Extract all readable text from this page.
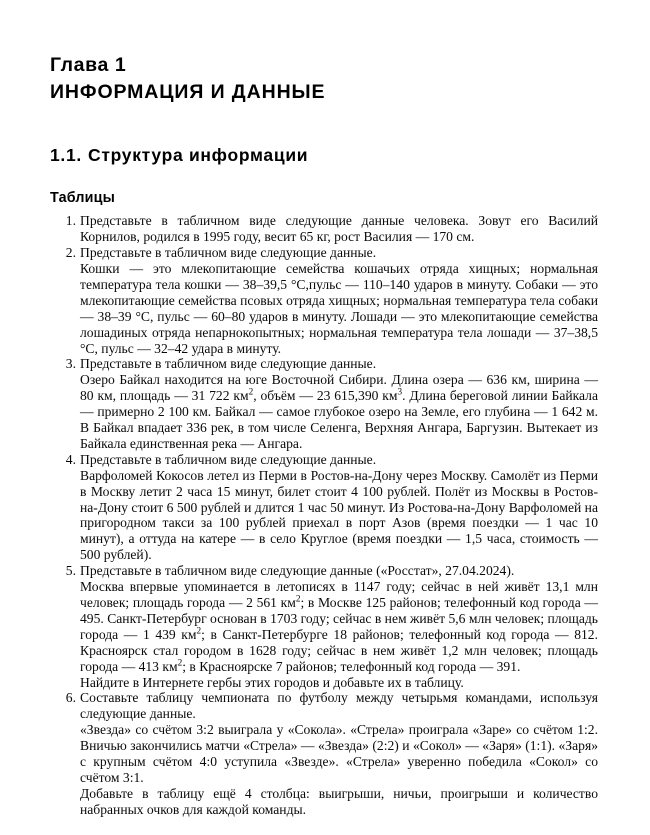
Глава 1
ИНФОРМАЦИЯ И ДАННЫЕ
1.1. Структура информации
Таблицы
1. Представьте в табличном виде следующие данные человека. Зовут его Василий Корнилов, родился в 1995 году, весит 65 кг, рост Василия — 170 см.
2. Представьте в табличном виде следующие данные.
Кошки — это млекопитающие семейства кошачьих отряда хищных; нормальная температура тела кошки — 38–39,5 °C,пульс — 110–140 ударов в минуту. Собаки — это млекопитающие семейства псовых отряда хищных; нормальная температура тела собаки — 38–39 °C, пульс — 60–80 ударов в минуту. Лошади — это млекопитающие семейства лошадиных отряда непарнокопытных; нормальная температура тела лошади — 37–38,5 °C, пульс — 32–42 удара в минуту.
3. Представьте в табличном виде следующие данные.
Озеро Байкал находится на юге Восточной Сибири. Длина озера — 636 км, ширина — 80 км, площадь — 31 722 $км^2$, объём — 23 615,390 $км^3$. Длина береговой линии Байкала — примерно 2 100 км. Байкал — самое глубокое озеро на Земле, его глубина — 1 642 м. В Байкал впадает 336 рек, в том числе Селенга, Верхняя Ангара, Баргузин. Вытекает из Байкала единственная река — Ангара.
4. Представьте в табличном виде следующие данные.
Варфоломей Кокосов летел из Перми в Ростов-на-Дону через Москву. Самолёт из Перми в Москву летит 2 часа 15 минут, билет стоит 4 100 рублей. Полёт из Москвы в Ростов-на-Дону стоит 6 500 рублей и длится 1 час 50 минут. Из Ростова-на-Дону Варфоломей на пригородном такси за 100 рублей приехал в порт Азов (время поездки — 1 час 10 минут), а оттуда на катере — в село Круглое (время поездки — 1,5 часа, стоимость — 500 рублей).
5. Представьте в табличном виде следующие данные («Росстат», 27.04.2024).
Москва впервые упоминается в летописях в 1147 году; сейчас в ней живёт 13,1 млн человек; площадь города — 2 561 $км^2$; в Москве 125 районов; телефонный код города — 495. Санкт-Петербург основан в 1703 году; сейчас в нем живёт 5,6 млн человек; площадь города — 1 439 $км^2$; в Санкт-Петербурге 18 районов; телефонный код города — 812. Красноярск стал городом в 1628 году; сейчас в нем живёт 1,2 млн человек; площадь города — 413 $км^2$; в Красноярске 7 районов; телефонный код города — 391.
Найдите в Интернете гербы этих городов и добавьте их в таблицу.
6. Составьте таблицу чемпионата по футболу между четырьмя командами, используя следующие данные.
«Звезда» со счётом 3:2 выиграла у «Сокола». «Стрела» проиграла «Заре» со счётом 1:2. Вничью закончились матчи «Стрела» — «Звезда» (2:2) и «Сокол» — «Заря» (1:1). «Заря» с крупным счётом 4:0 уступила «Звезде». «Стрела» уверенно победила «Сокол» со счётом 3:1.
Добавьте в таблицу ещё 4 столбца: выигрыши, ничьи, проигрыши и количество набранных очков для каждой команды.
